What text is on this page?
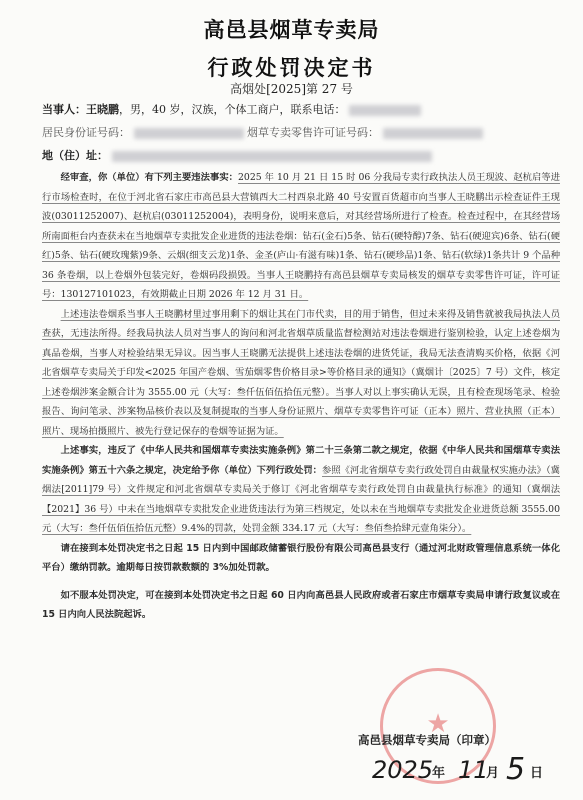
高邑县烟草专卖局
行政处罚决定书
高烟处[2025]第 27 号
当事人：王晓鹏，男，40 岁，汉族，个体工商户，联系电话：
居民身份证号码：	烟草专卖零售许可证号码：
地（住）址：

经审查，你（单位）有下列主要违法事实：2025 年 10 月 21 日 15 时 06 分我局专卖行政执法人员王现波、赵杭启等进行市场检查时，在位于河北省石家庄市高邑县大营镇西大二村西泉北路 40 号安置百货超市向当事人王晓鹏出示检查证件王现波(03011252007)、赵杭启(03011252004)，表明身份，说明来意后，对其经营场所进行了检查。检查过程中，在其经营场所南面柜台内查获未在当地烟草专卖批发企业进货的违法卷烟：钻石(金石)5条、钻石(硬特醇)7条、钻石(硬迎宾)6条、钻石(硬红)5条、钻石(硬玫瑰紫)9条、云烟(细支云龙)1条、金圣(庐山·有滋有味)1条、钻石(硬珍品)1条、钻石(软绿)1条共计 9 个品种 36 条卷烟，以上卷烟外包装完好，卷烟码段损毁。当事人王晓鹏持有高邑县烟草专卖局核发的烟草专卖零售许可证，许可证号：130127101023，有效期截止日期 2026 年 12 月 31 日。

上述违法卷烟系当事人王晓鹏材里过事用剩下的烟让其在门市代卖，目的用于销售，但过未来得及销售就被我局执法人员查获，无违法所得。经我局执法人员对当事人的询问和河北省烟草质量监督检测站对违法卷烟进行鉴别检验，认定上述卷烟为真品卷烟，当事人对检验结果无异议。因当事人王晓鹏无法提供上述违法卷烟的进货凭证，我局无法查清购买价格，依据《河北省烟草专卖局关于印发<2025 年国产卷烟、雪茄烟零售价格目录>等价格目录的通知》（冀烟计〔2025〕7 号）文件，核定上述卷烟涉案金额合计为 3555.00 元（大写：叁仟伍佰伍拾伍元整）。当事人对以上事实确认无误，且有检查现场笔录、检验报告、询问笔录、涉案物品核价表以及复制提取的当事人身份证照片、烟草专卖零售许可证（正本）照片、营业执照（正本）照片、现场拍摄照片、被先行登记保存的卷烟等证据为证。

上述事实，违反了《中华人民共和国烟草专卖法实施条例》第二十三条第二款之规定，依据《中华人民共和国烟草专卖法实施条例》第五十六条之规定，决定给予你（单位）下列行政处罚：参照《河北省烟草专卖行政处罚自由裁量权实施办法》（冀烟法[2011]79 号）文件规定和河北省烟草专卖局关于修订《河北省烟草专卖行政处罚自由裁量执行标准》的通知（冀烟法【2021】36 号）中未在当地烟草专卖批发企业进货违法行为第三档规定，处以未在当地烟草专卖批发企业进货总额 3555.00 元（大写：叁仟伍佰伍拾伍元整）9.4%的罚款，处罚金额 334.17 元（大写：叁佰叁拾肆元壹角柒分）。

请在接到本处罚决定书之日起 15 日内到中国邮政储蓄银行股份有限公司高邑县支行（通过河北财政管理信息系统一体化平台）缴纳罚款。逾期每日按罚款数额的 3%加处罚款。

如不服本处罚决定，可在接到本处罚决定书之日起 60 日内向高邑县人民政府或者石家庄市烟草专卖局申请行政复议或在 15 日内向人民法院起诉。

★
高邑县烟草专卖局（印章）
2025
年 11
月 5 日
